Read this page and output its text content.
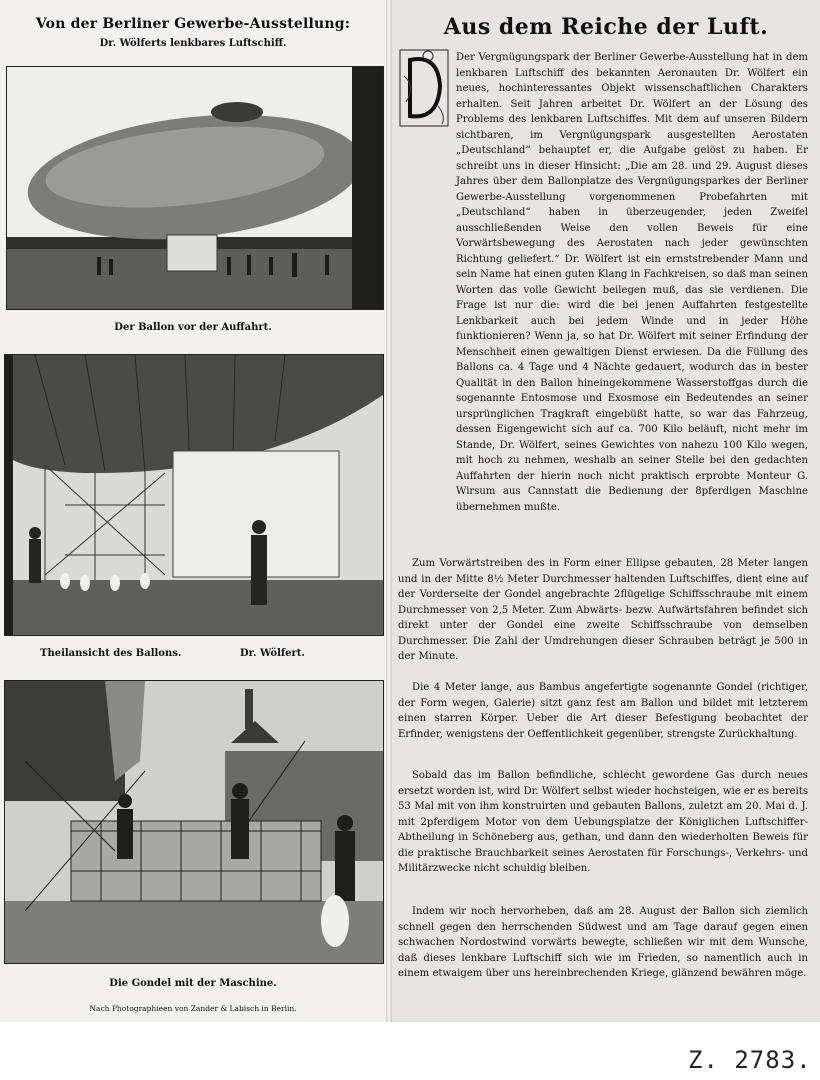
Von der Berliner Gewerbe-Ausstellung:
Dr. Wölferts lenkbares Luftschiff.
Der Ballon vor der Auffahrt.
Theilansicht des Ballons.	Dr. Wölfert.
Die Gondel mit der Maschine.
Nach Photographieen von Zander & Labisch in Berlin.
Aus dem Reiche der Luft.
Der Vergnügungspark der Berliner Gewerbe-Ausstellung hat in dem lenkbaren Luftschiff des bekannten Aeronauten Dr. Wölfert ein neues, hochinteressantes Objekt wissenschaftlichen Charakters erhalten. Seit Jahren arbeitet Dr. Wölfert an der Lösung des Problems des lenkbaren Luftschiffes. Mit dem auf unseren Bildern sichtbaren, im Vergnügungspark ausgestellten Aerostaten „Deutschland“ behauptet er, die Aufgabe gelöst zu haben. Er schreibt uns in dieser Hinsicht: „Die am 28. und 29. August dieses Jahres über dem Ballonplatze des Vergnügungsparkes der Berliner Gewerbe-Ausstellung vorgenommenen Probefahrten mit „Deutschland“ haben in überzeugender, jeden Zweifel ausschließenden Weise den vollen Beweis für eine Vorwärtsbewegung des Aerostaten nach jeder gewünschten Richtung geliefert.“ Dr. Wölfert ist ein ernststrebender Mann und sein Name hat einen guten Klang in Fachkreisen, so daß man seinen Worten das volle Gewicht beilegen muß, das sie verdienen. Die Frage ist nur die: wird die bei jenen Auffahrten festgestellte Lenkbarkeit auch bei jedem Winde und in jeder Höhe funktionieren? Wenn ja, so hat Dr. Wölfert mit seiner Erfindung der Menschheit einen gewaltigen Dienst erwiesen. Da die Füllung des Ballons ca. 4 Tage und 4 Nächte gedauert, wodurch das in bester Qualität in den Ballon hineingekommene Wasserstoffgas durch die sogenannte Entosmose und Exosmose ein Bedeutendes an seiner ursprünglichen Tragkraft eingebüßt hatte, so war das Fahrzeug, dessen Eigengewicht sich auf ca. 700 Kilo beläuft, nicht mehr im Stande, Dr. Wölfert, seines Gewichtes von nahezu 100 Kilo wegen, mit hoch zu nehmen, weshalb an seiner Stelle bei den gedachten Auffahrten der hierin noch nicht praktisch erprobte Monteur G. Wirsum aus Cannstatt die Bedienung der 8pferdigen Maschine übernehmen mußte.
Zum Vorwärtstreiben des in Form einer Ellipse gebauten, 28 Meter langen und in der Mitte 8½ Meter Durchmesser haltenden Luftschiffes, dient eine auf der Vorderseite der Gondel angebrachte 2flügelige Schiffsschraube mit einem Durchmesser von 2,5 Meter. Zum Abwärts- bezw. Aufwärtsfahren befindet sich direkt unter der Gondel eine zweite Schiffsschraube von demselben Durchmesser. Die Zahl der Umdrehungen dieser Schrauben beträgt je 500 in der Minute.
Die 4 Meter lange, aus Bambus angefertigte sogenannte Gondel (richtiger, der Form wegen, Galerie) sitzt ganz fest am Ballon und bildet mit letzterem einen starren Körper. Ueber die Art dieser Befestigung beobachtet der Erfinder, wenigstens der Oeffentlichkeit gegenüber, strengste Zurückhaltung.
Sobald das im Ballon befindliche, schlecht gewordene Gas durch neues ersetzt worden ist, wird Dr. Wölfert selbst wieder hochsteigen, wie er es bereits 53 Mal mit von ihm konstruirten und gebauten Ballons, zuletzt am 20. Mai d. J. mit 2pferdigem Motor von dem Uebungsplatze der Königlichen Luftschiffer-Abtheilung in Schöneberg aus, gethan, und dann den wiederholten Beweis für die praktische Brauchbarkeit seines Aerostaten für Forschungs-, Verkehrs- und Militärzwecke nicht schuldig bleiben.
Indem wir noch hervorheben, daß am 28. August der Ballon sich ziemlich schnell gegen den herrschenden Südwest und am Tage darauf gegen einen schwachen Nordostwind vorwärts bewegte, schließen wir mit dem Wunsche, daß dieses lenkbare Luftschiff sich wie im Frieden, so namentlich auch in einem etwaigem über uns hereinbrechenden Kriege, glänzend bewähren möge.
Z. 2783.
